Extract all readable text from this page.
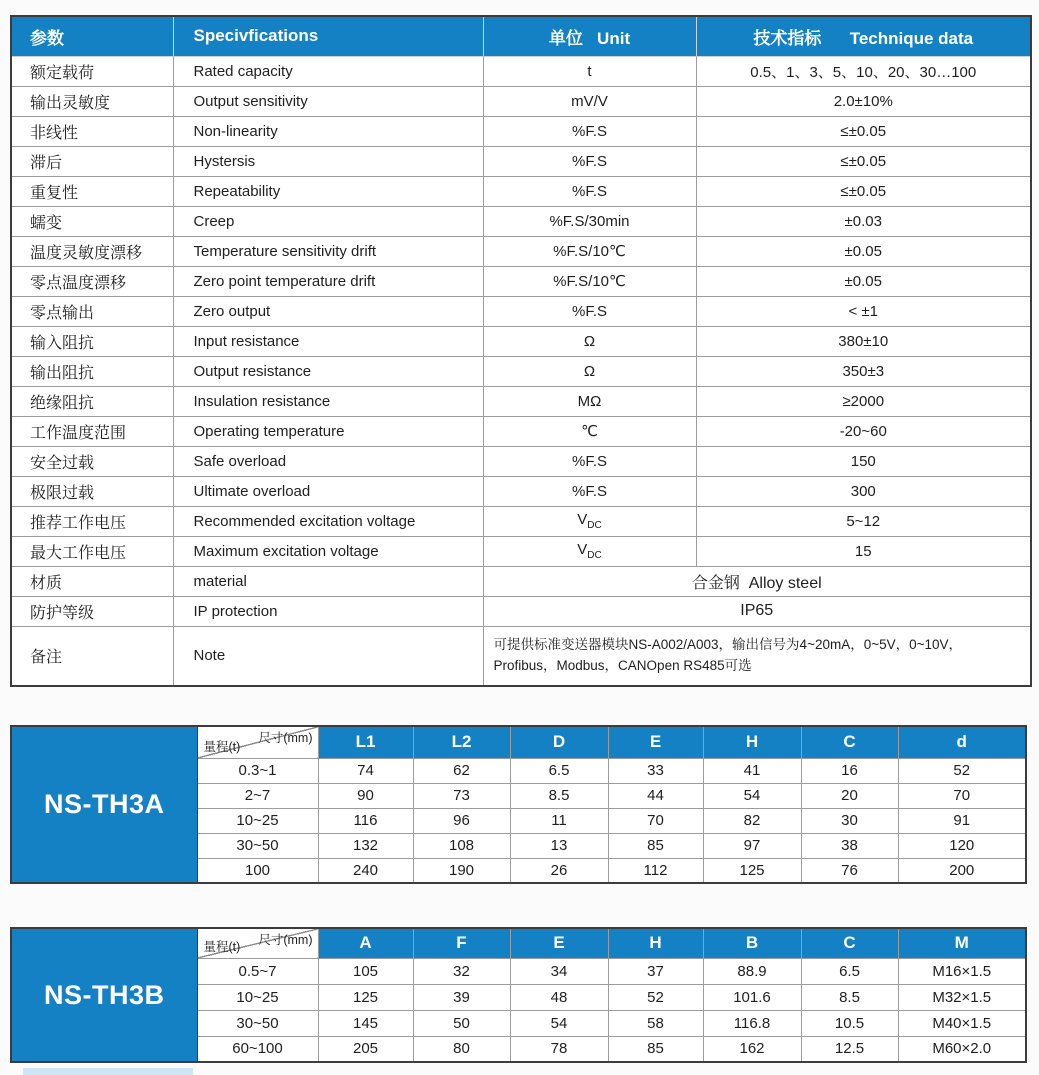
参数	Specivfications	单位   Unit	技术指标      Technique data
额定载荷	Rated capacity	t	0.5、1、3、5、10、20、30…100
输出灵敏度	Output sensitivity	mV/V	2.0±10%
非线性	Non-linearity	%F.S	≤±0.05
滞后	Hystersis	%F.S	≤±0.05
重复性	Repeatability	%F.S	≤±0.05
蠕变	Creep	%F.S/30min	±0.03
温度灵敏度漂移	Temperature sensitivity drift	%F.S/10℃	±0.05
零点温度漂移	Zero point temperature drift	%F.S/10℃	±0.05
零点输出	Zero output	%F.S	< ±1
输入阻抗	Input resistance	Ω	380±10
输出阻抗	Output resistance	Ω	350±3
绝缘阻抗	Insulation resistance	MΩ	≥2000
工作温度范围	Operating temperature	℃	-20~60
安全过载	Safe overload	%F.S	150
极限过载	Ultimate overload	%F.S	300
推荐工作电压	Recommended excitation voltage	$V_{DC}$	5~12
最大工作电压	Maximum excitation voltage	$V_{DC}$	15
材质	material	合金钢  Alloy steel	
防护等级	IP protection	IP65	
备注	Note	可提供标准变送器模块NS-A002/A003，输出信号为4~20mA，0~5V，0~10V，Profibus，Modbus，CANOpen RS485可选	
NS-TH3A	尺寸(mm)
量程(t)	L1	L2	D	E	H	C	d
	0.3~1	74	62	6.5	33	41	16	52
	2~7	90	73	8.5	44	54	20	70
	10~25	116	96	11	70	82	30	91
	30~50	132	108	13	85	97	38	120
	100	240	190	26	112	125	76	200
NS-TH3B	尺寸(mm)
量程(t)	A	F	E	H	B	C	M
	0.5~7	105	32	34	37	88.9	6.5	M16×1.5
	10~25	125	39	48	52	101.6	8.5	M32×1.5
	30~50	145	50	54	58	116.8	10.5	M40×1.5
	60~100	205	80	78	85	162	12.5	M60×2.0
